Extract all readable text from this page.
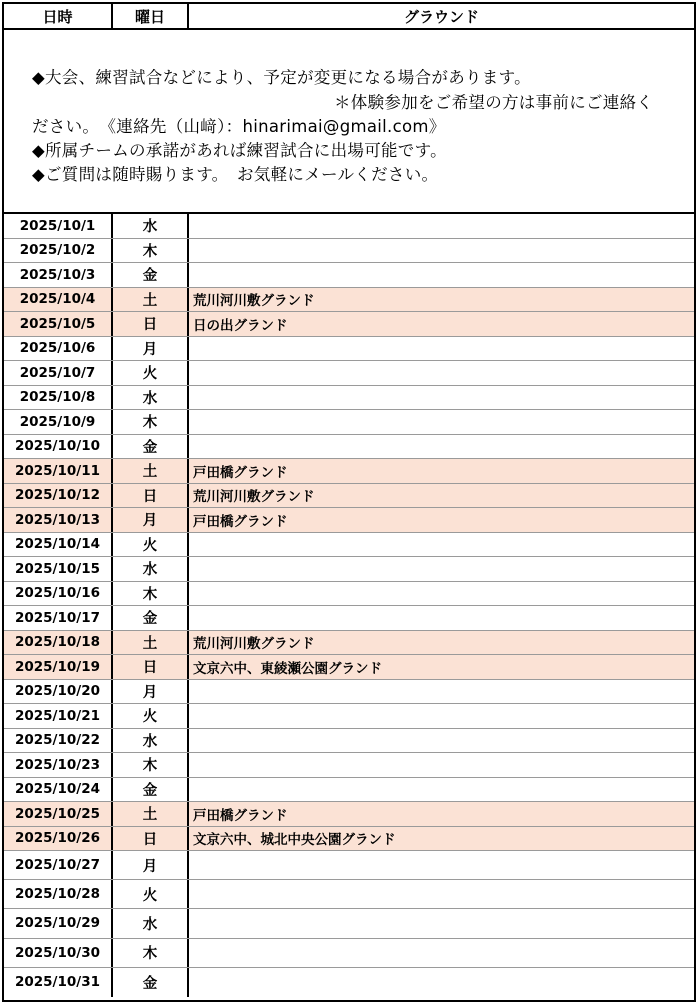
日時	曜日	グラウンド
◆大会、練習試合などにより、予定が変更になる場合があります。
＊体験参加をご希望の方は事前にご連絡く
ださい。　《連絡先（山﨑）：hinarimai@gmail.com》
◆所属チームの承諾があれば練習試合に出場可能です。
◆ご質問は随時賜ります。　お気軽にメールください。
2025/10/1	水
2025/10/2	木
2025/10/3	金
2025/10/4	土	荒川河川敷グランド
2025/10/5	日	日の出グランド
2025/10/6	月
2025/10/7	火
2025/10/8	水
2025/10/9	木
2025/10/10	金
2025/10/11	土	戸田橋グランド
2025/10/12	日	荒川河川敷グランド
2025/10/13	月	戸田橋グランド
2025/10/14	火
2025/10/15	水
2025/10/16	木
2025/10/17	金
2025/10/18	土	荒川河川敷グランド
2025/10/19	日	文京六中、東綾瀬公園グランド
2025/10/20	月
2025/10/21	火
2025/10/22	水
2025/10/23	木
2025/10/24	金
2025/10/25	土	戸田橋グランド
2025/10/26	日	文京六中、城北中央公園グランド
2025/10/27	月
2025/10/28	火
2025/10/29	水
2025/10/30	木
2025/10/31	金
